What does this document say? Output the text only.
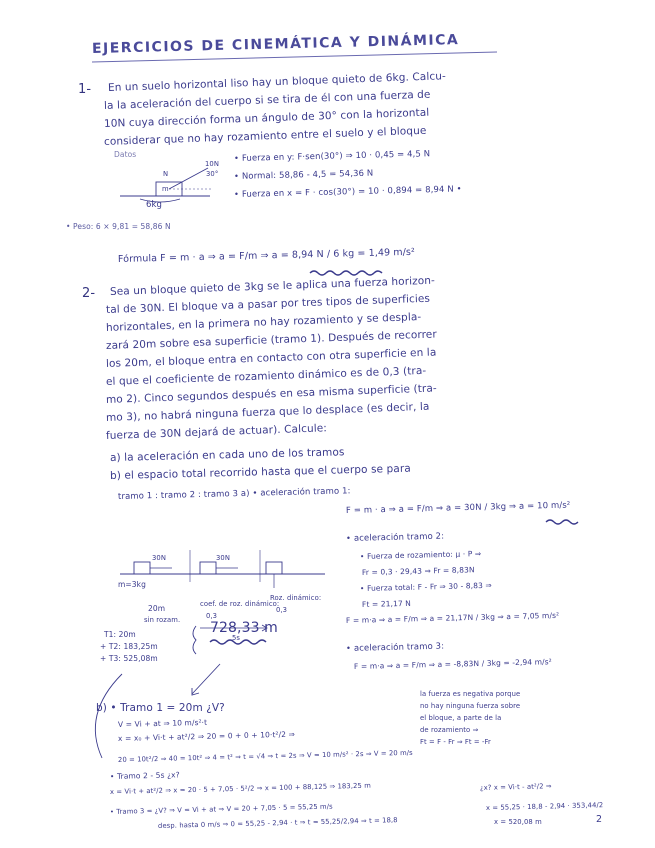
EJERCICIOS DE CINEMÁTICA Y DINÁMICA
1- En un suelo horizontal liso hay un bloque quieto de 6kg. Calcu-
la la aceleración del cuerpo si se tira de él con una fuerza de
10N cuya dirección forma un ángulo de 30° con la horizontal
considerar que no hay rozamiento entre el suelo y el bloque
Datos
10N
30°
N
m
6kg
• Fuerza en y: F·sen(30°) ⇒ 10 · 0,45 = 4,5 N
• Normal: 58,86 - 4,5 = 54,36 N
• Fuerza en x = F · cos(30°) = 10 · 0,894 = 8,94 N •
• Peso: 6 × 9,81 = 58,86 N
Fórmula F = m · a ⇒ a = F/m ⇒ a = 8,94 N / 6 kg = 1,49 m/s²
2- Sea un bloque quieto de 3kg se le aplica una fuerza horizon-
tal de 30N. El bloque va a pasar por tres tipos de superficies
horizontales, en la primera no hay rozamiento y se despla-
zará 20m sobre esa superficie (tramo 1). Después de recorrer
los 20m, el bloque entra en contacto con otra superficie en la
el que el coeficiente de rozamiento dinámico es de 0,3 (tra-
mo 2). Cinco segundos después en esa misma superficie (tra-
mo 3), no habrá ninguna fuerza que lo desplace (es decir, la
fuerza de 30N dejará de actuar). Calcule:
a) la aceleración en cada uno de los tramos
b) el espacio total recorrido hasta que el cuerpo se para
tramo 1 : tramo 2 : tramo 3 a) • aceleración tramo 1:
F = m · a ⇒ a = F/m ⇒ a = 30N / 3kg ⇒ a = 10 m/s²
30N	30N
m=3kg
20m
sin rozam.
coef. de roz. dinámico:
0,3
5s
Roz. dinámico:
0,3
• aceleración tramo 2:
• Fuerza de rozamiento: μ · P ⇒
Fr = 0,3 · 29,43 ⇒ Fr = 8,83N
• Fuerza total: F - Fr ⇒ 30 - 8,83 ⇒
Ft = 21,17 N
F = m·a ⇒ a = F/m ⇒ a = 21,17N / 3kg ⇒ a = 7,05 m/s²
• aceleración tramo 3:
F = m·a ⇒ a = F/m ⇒ a = -8,83N / 3kg = -2,94 m/s²
la fuerza es negativa porque
no hay ninguna fuerza sobre
el bloque, a parte de la
de rozamiento ⇒
Ft = F - Fr ⇒ Ft = -Fr
T1: 20m
+ T2: 183,25m
+ T3: 525,08m
728,33 m
b) • Tramo 1 = 20m ¿V?
V = Vi + at ⇒ 10 m/s²·t
x = x₀ + Vi·t + at²/2 ⇒ 20 = 0 + 0 + 10·t²/2 ⇒
20 = 10t²/2 ⇒ 40 = 10t² ⇒ 4 = t² ⇒ t = √4 ⇒ t = 2s ⇒ V = 10 m/s² · 2s ⇒ V = 20 m/s
• Tramo 2 - 5s ¿x?
x = Vi·t + at²/2 ⇒ x = 20 · 5 + 7,05 · 5²/2 ⇒ x = 100 + 88,125 ⇒ 183,25 m
• Tramo 3 = ¿V? ⇒ V = Vi + at ⇒ V = 20 + 7,05 · 5 = 55,25 m/s
desp. hasta 0 m/s ⇒ 0 = 55,25 - 2,94 · t ⇒ t = 55,25/2,94 ⇒ t = 18,8
¿x? x = Vi·t - at²/2 ⇒
x = 55,25 · 18,8 - 2,94 · 353,44/2
x = 520,08 m	2
